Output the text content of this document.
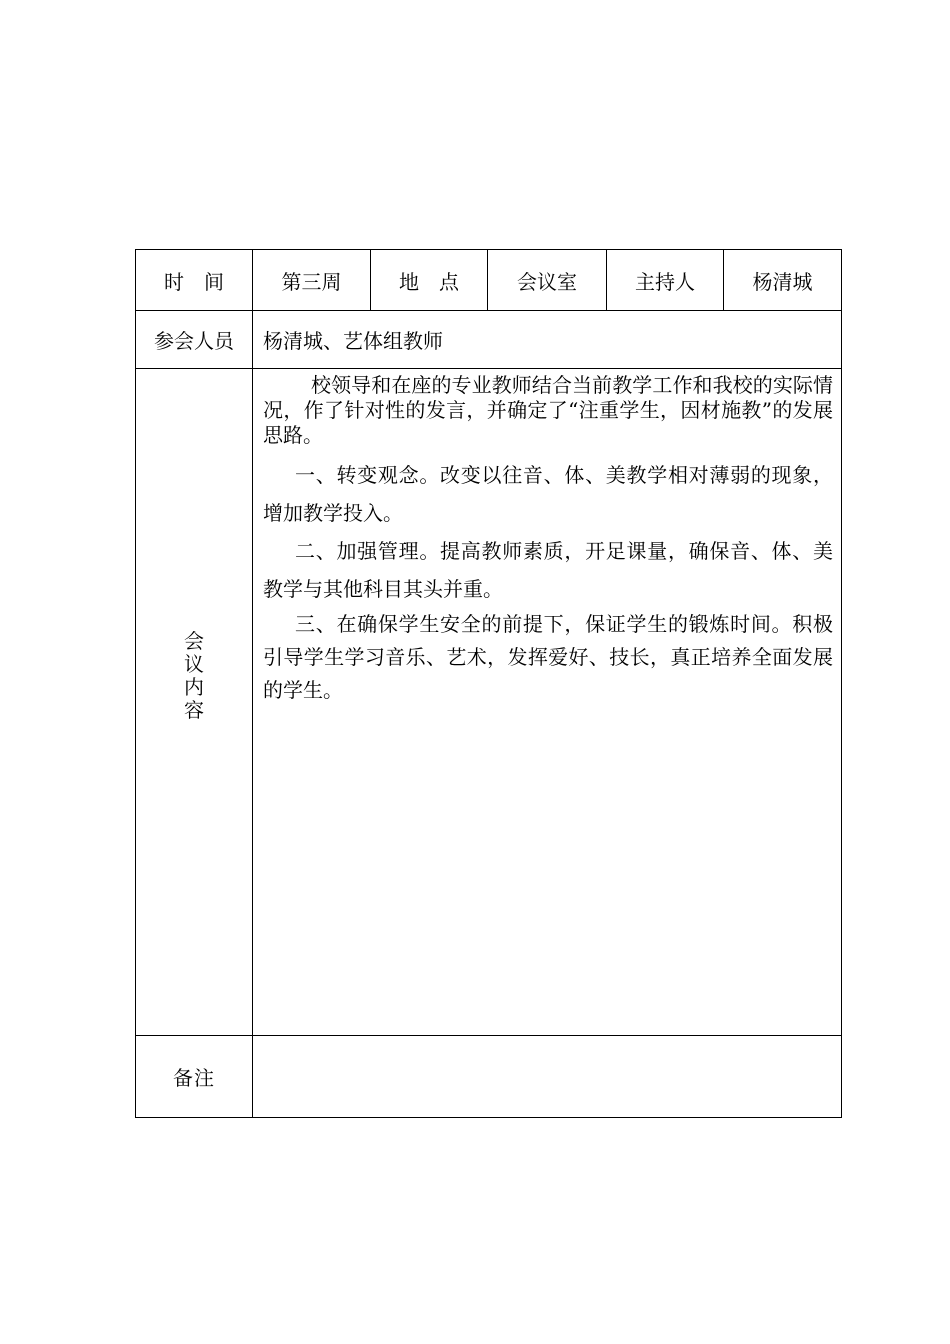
时　间	第三周	地　点	会议室	主持人	杨清城
参会人员	杨清城、艺体组教师				
会议内容	校领导和在座的专业教师结合当前教学工作和我校的实际情况，作了针对性的发言，并确定了“注重学生，因材施教”的发展思路。

一、转变观念。改变以往音、体、美教学相对薄弱的现象，增加教学投入。

二、加强管理。提高教师素质，开足课量，确保音、体、美教学与其他科目其头并重。

三、在确保学生安全的前提下，保证学生的锻炼时间。积极引导学生学习音乐、艺术，发挥爱好、技长，真正培养全面发展的学生。				

备注					
